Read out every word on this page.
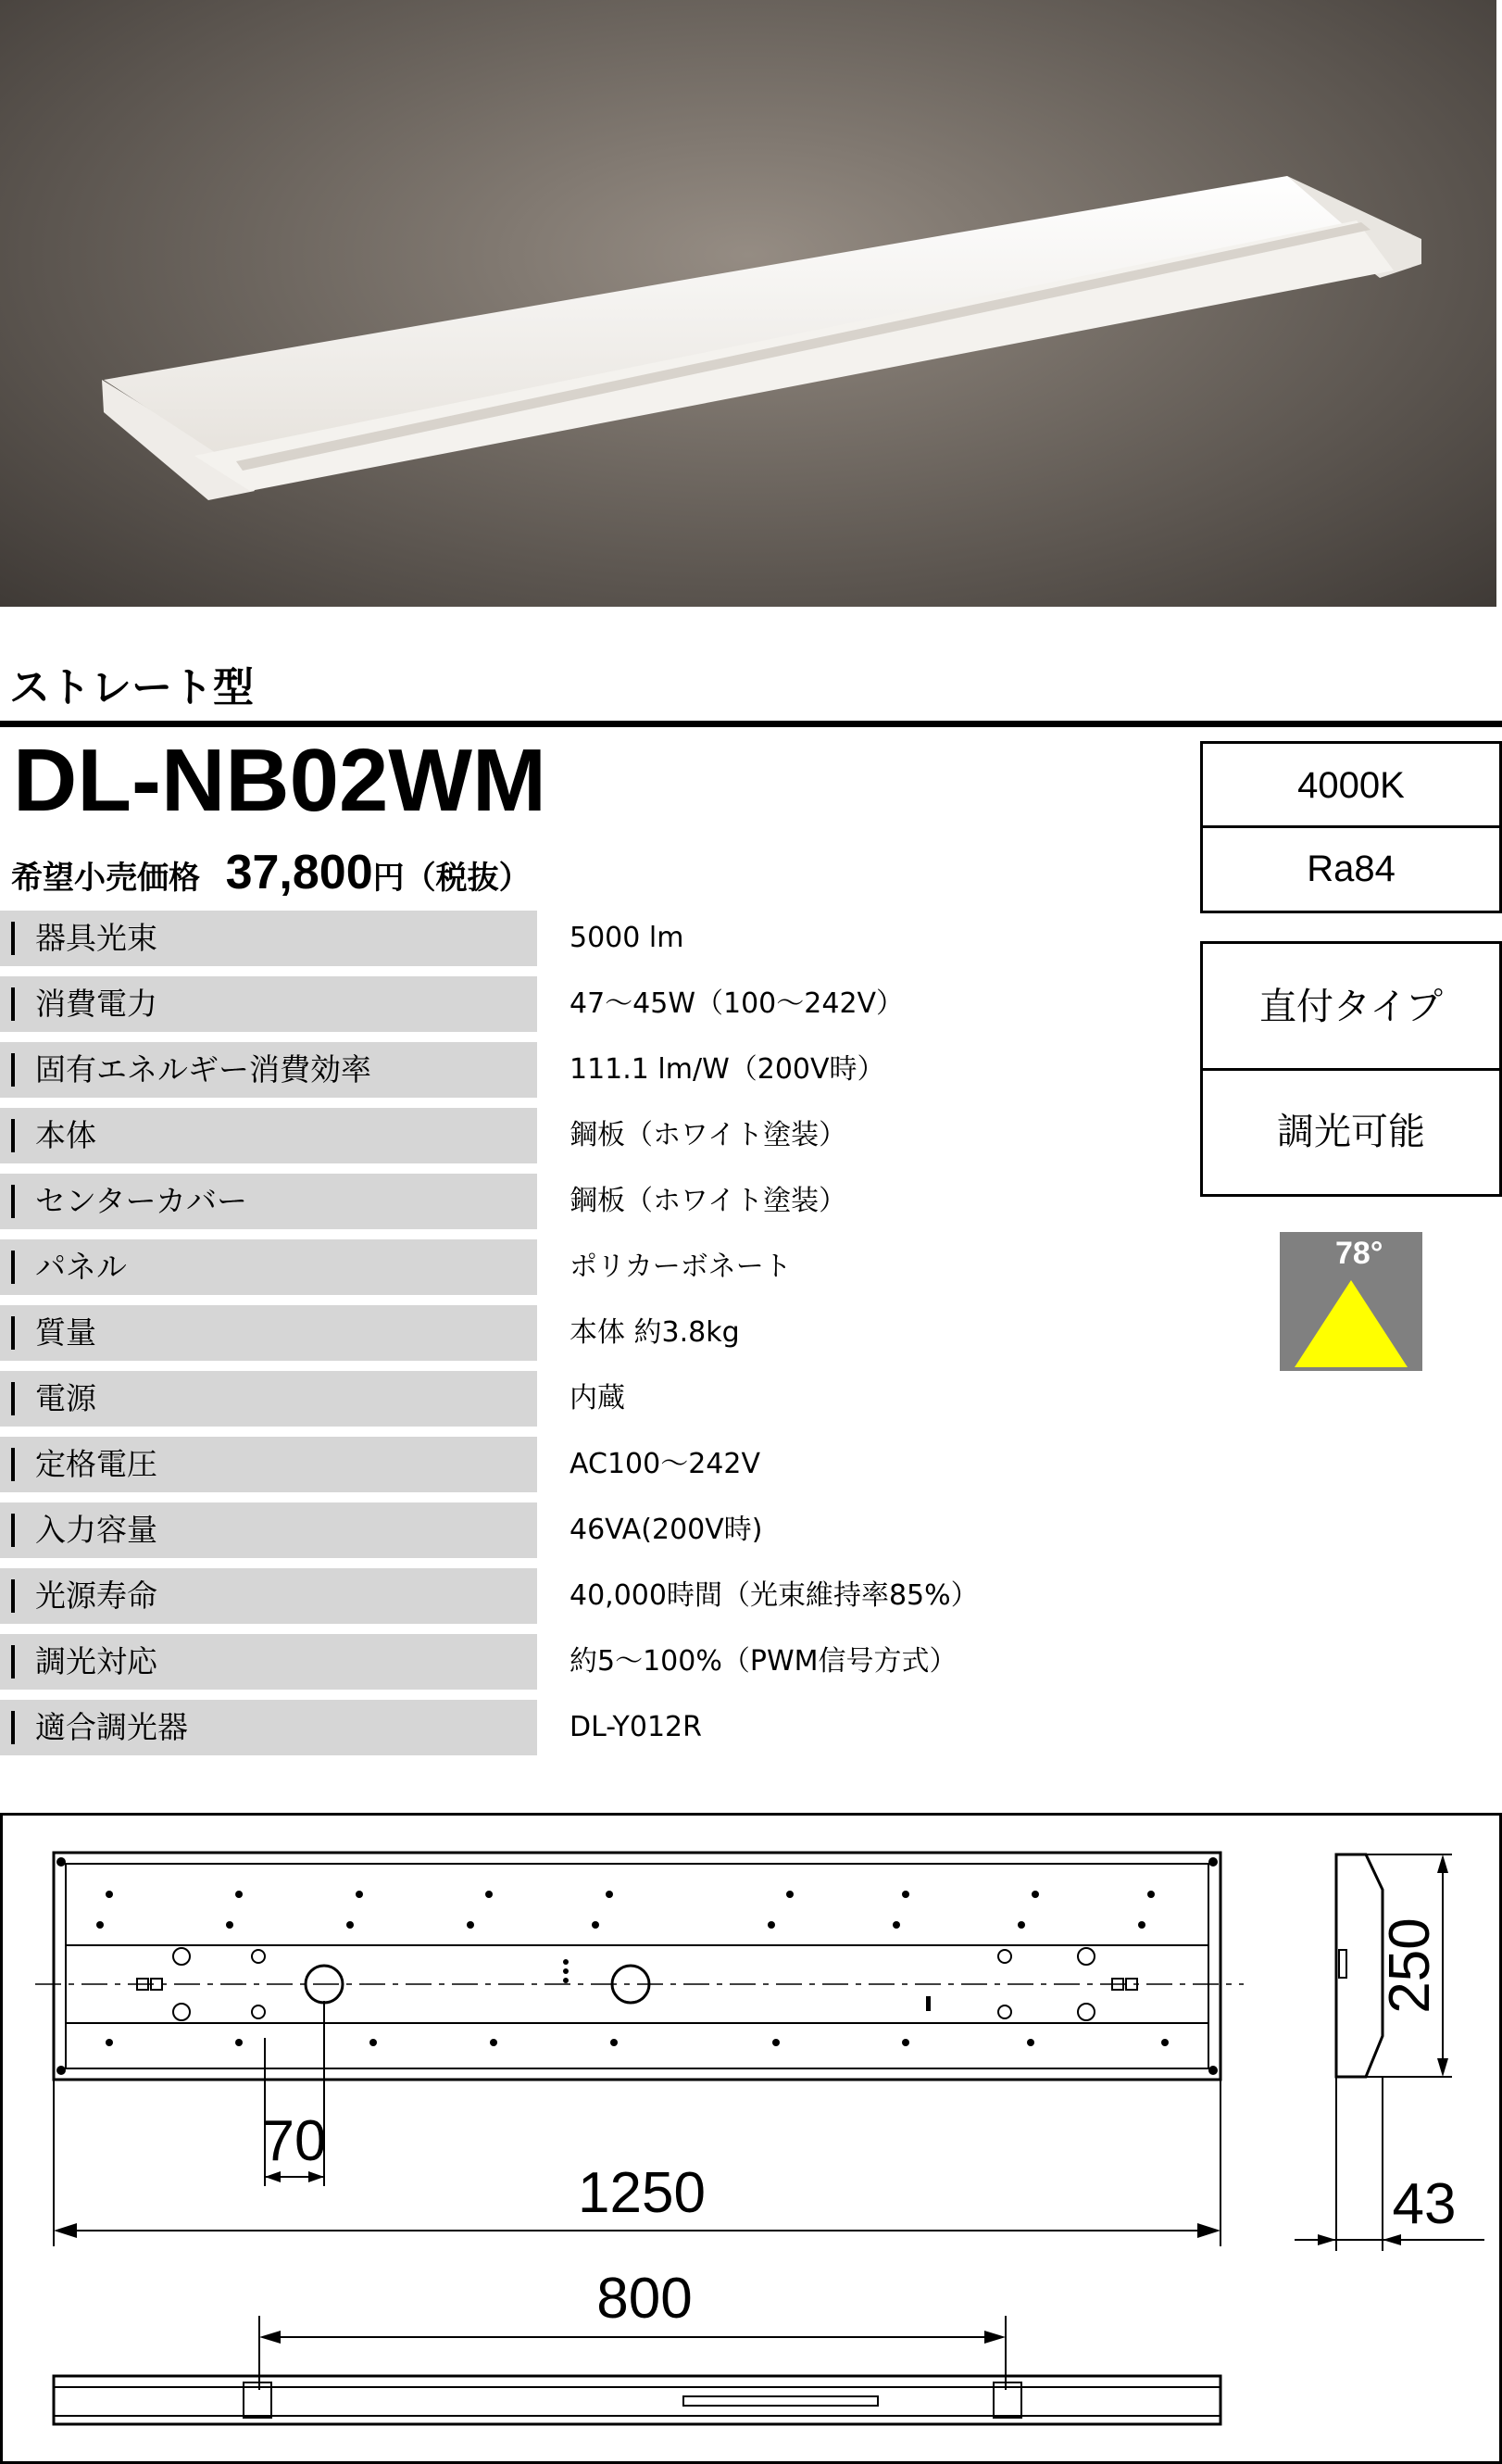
ストレート型
DL-NB02WM
希望小売価格 37,800円（税抜）
器具光束	5000 lm
消費電力	47～45W（100～242V）
固有エネルギー消費効率	111.1 lm/W（200V時）
本体	鋼板（ホワイト塗装）
センターカバー	鋼板（ホワイト塗装）
パネル	ポリカーボネート
質量	本体 約3.8kg
電源	内蔵
定格電圧	AC100～242V
入力容量	46VA(200V時)
光源寿命	40,000時間（光束維持率85%）
調光対応	約5～100%（PWM信号方式）
適合調光器	DL-Y012R
4000K
Ra84
直付タイプ
調光可能
78°
70
1250
250
43
800
